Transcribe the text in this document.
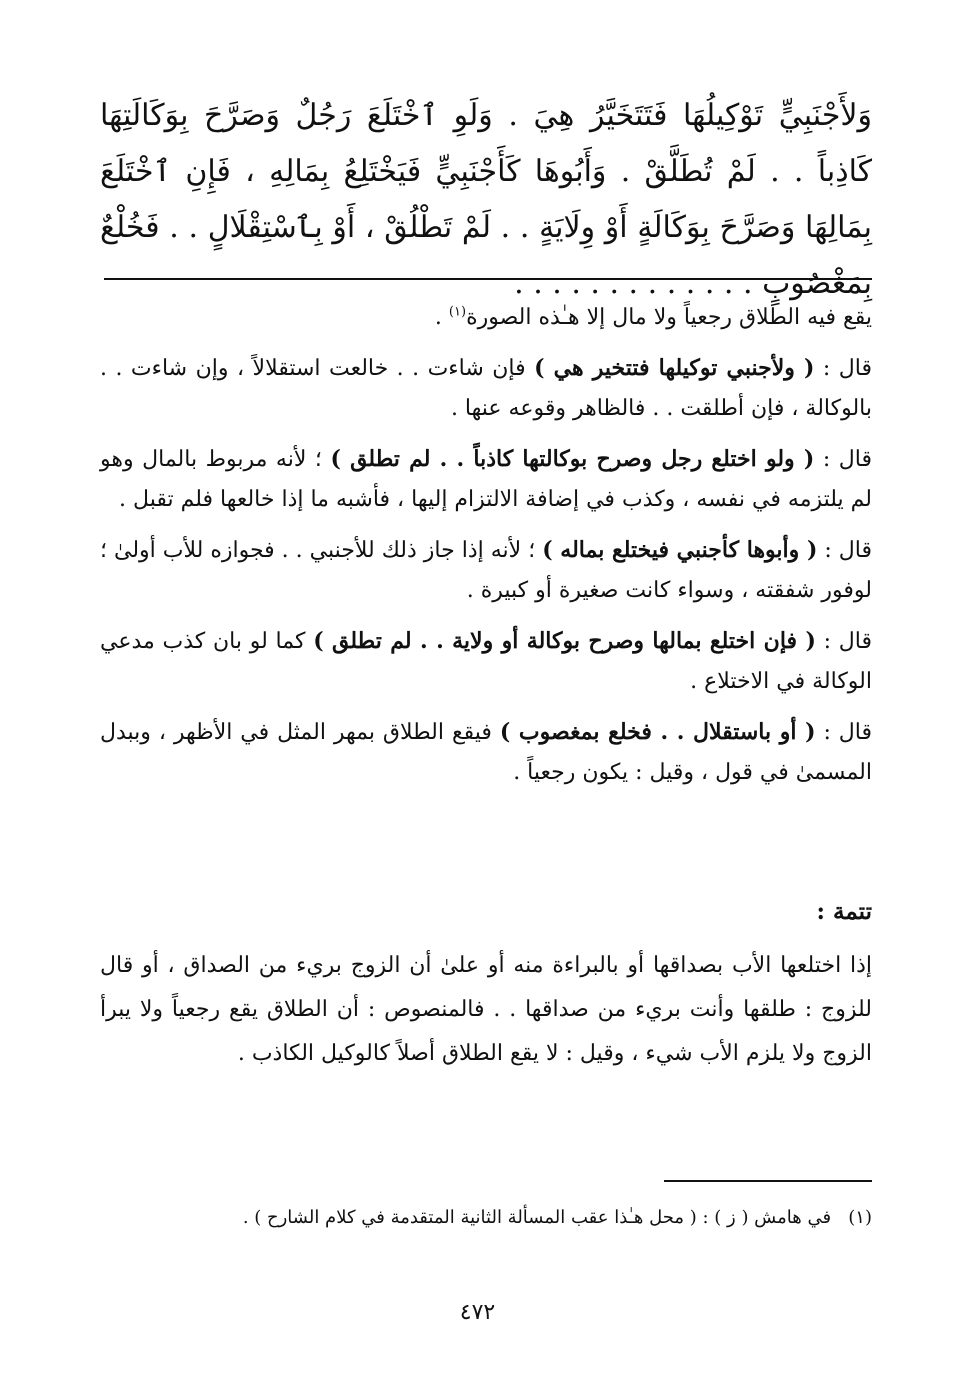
وَلأَجْنَبِيٍّ تَوْكِيلُهَا فَتَتَخَيَّرُ هِيَ . وَلَوِ ٱخْتَلَعَ رَجُلٌ وَصَرَّحَ بِوَكَالَتِهَا كَاذِباً . . لَمْ تُطَلَّقْ . وَأَبُوهَا كَأَجْنَبِيٍّ فَيَخْتَلِعُ بِمَالِهِ ، فَإِنِ ٱخْتَلَعَ بِمَالِهَا وَصَرَّحَ بِوَكَالَةٍ أَوْ وِلَايَةٍ . . لَمْ تَطْلُقْ ، أَوْ بِٱسْتِقْلَالٍ . . فَخُلْعٌ بِمَغْصُوبٍ . . . . . . . . . . . . .

يقع فيه الطلاق رجعياً ولا مال إلا هـٰذه الصورة$^{(١)}$ .

قال : ( ولأجنبي توكيلها فتتخير هي ) فإن شاءت . . خالعت استقلالاً ، وإن شاءت . . بالوكالة ، فإن أطلقت . . فالظاهر وقوعه عنها .

قال : ( ولو اختلع رجل وصرح بوكالتها كاذباً . . لم تطلق ) ؛ لأنه مربوط بالمال وهو لم يلتزمه في نفسه ، وكذب في إضافة الالتزام إليها ، فأشبه ما إذا خالعها فلم تقبل .

قال : ( وأبوها كأجنبي فيختلع بماله ) ؛ لأنه إذا جاز ذلك للأجنبي . . فجوازه للأب أولىٰ ؛ لوفور شفقته ، وسواء كانت صغيرة أو كبيرة .

قال : ( فإن اختلع بمالها وصرح بوكالة أو ولاية . . لم تطلق ) كما لو بان كذب مدعي الوكالة في الاختلاع .

قال : ( أو باستقلال . . فخلع بمغصوب ) فيقع الطلاق بمهر المثل في الأظهر ، وببدل المسمىٰ في قول ، وقيل : يكون رجعياً .

تتمة :
إذا اختلعها الأب بصداقها أو بالبراءة منه أو علىٰ أن الزوج بريء من الصداق ، أو قال للزوج : طلقها وأنت بريء من صداقها . . فالمنصوص : أن الطلاق يقع رجعياً ولا يبرأ الزوج ولا يلزم الأب شيء ، وقيل : لا يقع الطلاق أصلاً كالوكيل الكاذب .
(١)   في هامش ( ز ) : ( محل هـٰذا عقب المسألة الثانية المتقدمة في كلام الشارح ) .
٤٧٢
